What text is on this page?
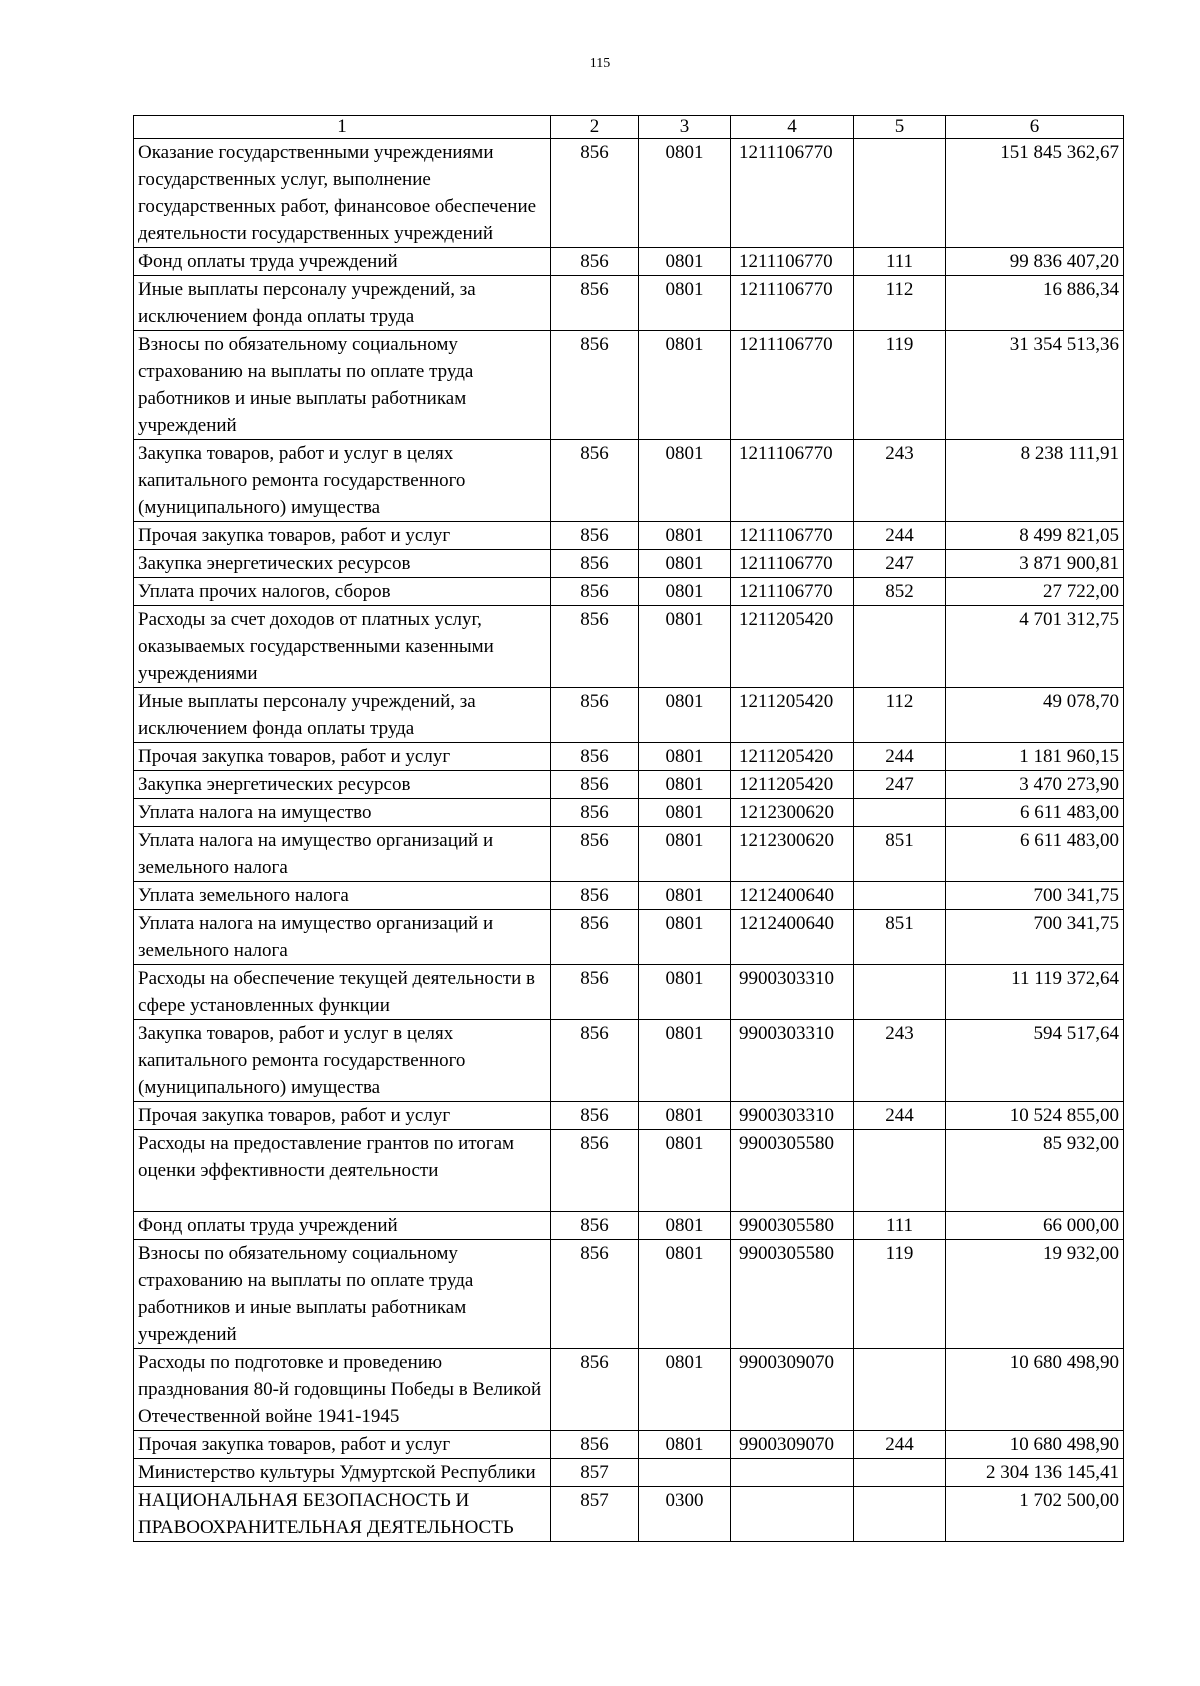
115
1	2	3	4	5	6
Оказание государственными учреждениями государственных услуг, выполнение государственных работ, финансовое обеспечение деятельности государственных учреждений	856	0801	1211106770		151 845 362,67
Фонд оплаты труда учреждений	856	0801	1211106770	111	99 836 407,20
Иные выплаты персоналу учреждений, за исключением фонда оплаты труда	856	0801	1211106770	112	16 886,34
Взносы по обязательному социальному страхованию на выплаты по оплате труда работников и иные выплаты работникам учреждений	856	0801	1211106770	119	31 354 513,36
Закупка товаров, работ и услуг в целях капитального ремонта государственного (муниципального) имущества	856	0801	1211106770	243	8 238 111,91
Прочая закупка товаров, работ и услуг	856	0801	1211106770	244	8 499 821,05
Закупка энергетических ресурсов	856	0801	1211106770	247	3 871 900,81
Уплата прочих налогов, сборов	856	0801	1211106770	852	27 722,00
Расходы за счет доходов от платных услуг, оказываемых государственными казенными учреждениями	856	0801	1211205420		4 701 312,75
Иные выплаты персоналу учреждений, за исключением фонда оплаты труда	856	0801	1211205420	112	49 078,70
Прочая закупка товаров, работ и услуг	856	0801	1211205420	244	1 181 960,15
Закупка энергетических ресурсов	856	0801	1211205420	247	3 470 273,90
Уплата налога на имущество	856	0801	1212300620		6 611 483,00
Уплата налога на имущество организаций и земельного налога	856	0801	1212300620	851	6 611 483,00
Уплата земельного налога	856	0801	1212400640		700 341,75
Уплата налога на имущество организаций и земельного налога	856	0801	1212400640	851	700 341,75
Расходы на обеспечение текущей деятельности в сфере установленных функции	856	0801	9900303310		11 119 372,64
Закупка товаров, работ и услуг в целях капитального ремонта государственного (муниципального) имущества	856	0801	9900303310	243	594 517,64
Прочая закупка товаров, работ и услуг	856	0801	9900303310	244	10 524 855,00
Расходы на предоставление грантов по итогам оценки эффективности деятельности	856	0801	9900305580		85 932,00
Фонд оплаты труда учреждений	856	0801	9900305580	111	66 000,00
Взносы по обязательному социальному страхованию на выплаты по оплате труда работников и иные выплаты работникам учреждений	856	0801	9900305580	119	19 932,00
Расходы по подготовке и проведению празднования 80-й годовщины Победы в Великой Отечественной войне 1941-1945	856	0801	9900309070		10 680 498,90
Прочая закупка товаров, работ и услуг	856	0801	9900309070	244	10 680 498,90
Министерство культуры Удмуртской Республики	857				2 304 136 145,41
НАЦИОНАЛЬНАЯ БЕЗОПАСНОСТЬ И ПРАВООХРАНИТЕЛЬНАЯ ДЕЯТЕЛЬНОСТЬ	857	0300			1 702 500,00
